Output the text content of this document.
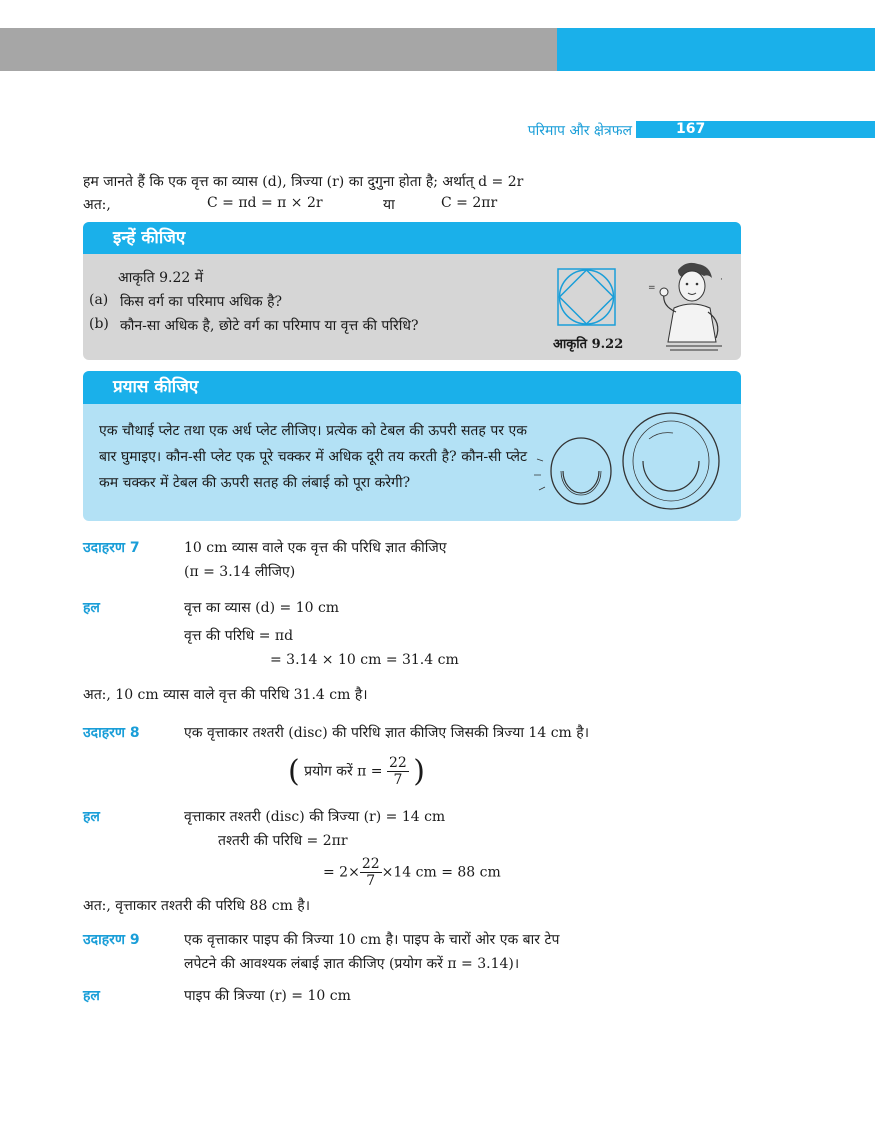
परिमाप और क्षेत्रफल	167
हम जानते हैं कि एक वृत्त का व्यास (d), त्रिज्या (r) का दुगुना होता है; अर्थात् d = 2r
अत:,	C = πd = π × 2r	या	C = 2πr
इन्हें कीजिए
आकृति 9.22 में
(a) किस वर्ग का परिमाप अधिक है?
(b) कौन-सा अधिक है, छोटे वर्ग का परिमाप या वृत्त की परिधि?
=
·
आकृति 9.22
प्रयास कीजिए
एक चौथाई प्लेट तथा एक अर्ध प्लेट लीजिए। प्रत्येक को टेबल की ऊपरी सतह पर एक बार घुमाइए। कौन-सी प्लेट एक पूरे चक्कर में अधिक दूरी तय करती है? कौन-सी प्लेट कम चक्कर में टेबल की ऊपरी सतह की लंबाई को पूरा करेगी?
उदाहरण 7	10 cm व्यास वाले एक वृत्त की परिधि ज्ञात कीजिए
(π = 3.14 लीजिए)
हल	वृत्त का व्यास (d) = 10 cm
वृत्त की परिधि = πd
= 3.14 × 10 cm = 31.4 cm
अत:, 10 cm व्यास वाले वृत्त की परिधि 31.4 cm है।
उदाहरण 8	एक वृत्ताकार तश्तरी (disc) की परिधि ज्ञात कीजिए जिसकी त्रिज्या 14 cm है।
( प्रयोग करें $\pi = \frac{22}{7}$ )
हल	वृत्ताकार तश्तरी (disc) की त्रिज्या (r) = 14 cm
तश्तरी की परिधि = 2πr
= $2\times \frac{22}{7} \times 14$ cm = 88 cm
अत:, वृत्ताकार तश्तरी की परिधि 88 cm है।
उदाहरण 9	एक वृत्ताकार पाइप की त्रिज्या 10 cm है। पाइप के चारों ओर एक बार टेप
लपेटने की आवश्यक लंबाई ज्ञात कीजिए (प्रयोग करें π = 3.14)।
हल	पाइप की त्रिज्या (r) = 10 cm
